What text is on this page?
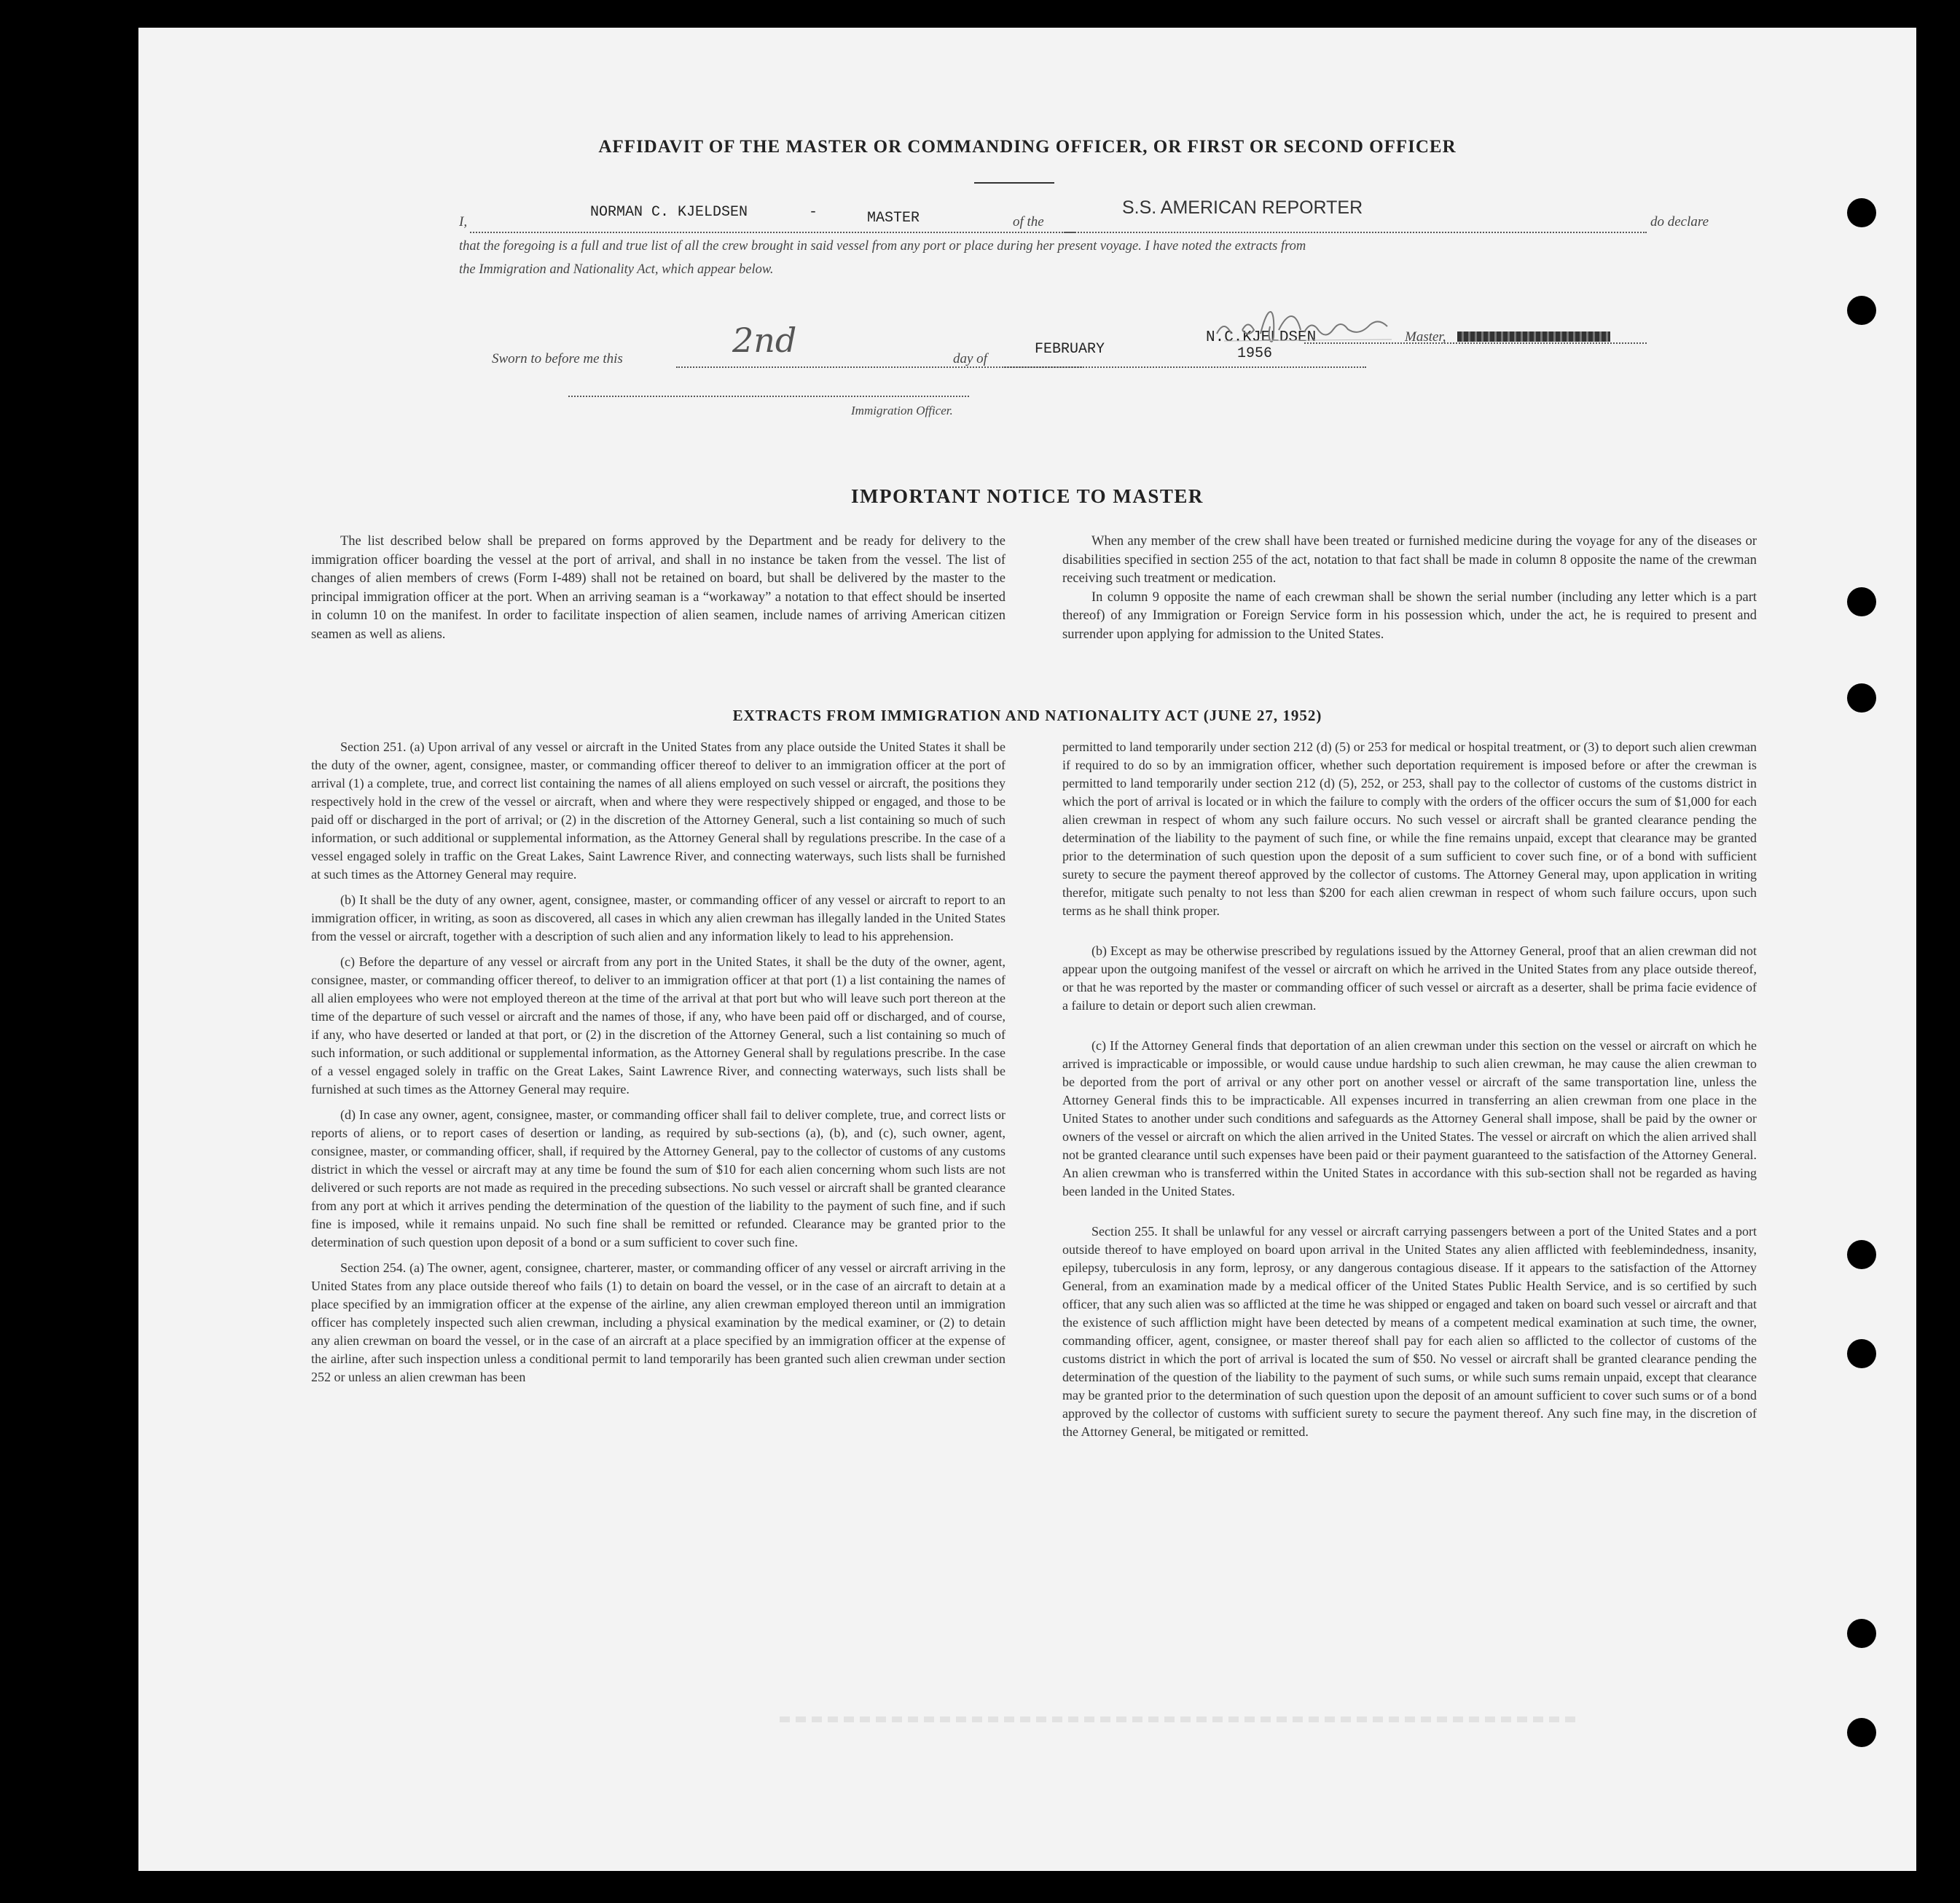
AFFIDAVIT OF THE MASTER OR COMMANDING OFFICER, OR FIRST OR SECOND OFFICER
I,
NORMAN C. KJELDSEN	-	MASTER	of the
S.S. AMERICAN REPORTER
do declare
that the foregoing is a full and true list of all the crew brought in said vessel from any port or place during her present voyage. I have noted the extracts from
the Immigration and Nationality Act, which appear below.
Sworn to before me this	2nd	day of
FEBRUARY
N.C.KJELDSEN
1956
Master,
Immigration Officer.
IMPORTANT NOTICE TO MASTER

The list described below shall be prepared on forms approved by the Department and be ready for delivery to the immigration officer boarding the vessel at the port of arrival, and shall in no instance be taken from the vessel. The list of changes of alien members of crews (Form I-489) shall not be retained on board, but shall be delivered by the master to the principal immigration officer at the port. When an arriving seaman is a “workaway” a notation to that effect should be inserted in column 10 on the manifest. In order to facilitate inspection of alien seamen, include names of arriving American citizen seamen as well as aliens.

When any member of the crew shall have been treated or furnished medicine during the voyage for any of the diseases or disabilities specified in section 255 of the act, notation to that fact shall be made in column 8 opposite the name of the crewman receiving such treatment or medication.

In column 9 opposite the name of each crewman shall be shown the serial number (including any letter which is a part thereof) of any Immigration or Foreign Service form in his possession which, under the act, he is required to present and surrender upon applying for admission to the United States.

EXTRACTS FROM IMMIGRATION AND NATIONALITY ACT (JUNE 27, 1952)

Section 251. (a) Upon arrival of any vessel or aircraft in the United States from any place outside the United States it shall be the duty of the owner, agent, consignee, master, or commanding officer thereof to deliver to an immigration officer at the port of arrival (1) a complete, true, and correct list containing the names of all aliens employed on such vessel or aircraft, the positions they respectively hold in the crew of the vessel or aircraft, when and where they were respectively shipped or engaged, and those to be paid off or discharged in the port of arrival; or (2) in the discretion of the Attorney General, such a list containing so much of such information, or such additional or supplemental information, as the Attorney General shall by regulations prescribe. In the case of a vessel engaged solely in traffic on the Great Lakes, Saint Lawrence River, and connecting waterways, such lists shall be furnished at such times as the Attorney General may require.

(b) It shall be the duty of any owner, agent, consignee, master, or commanding officer of any vessel or aircraft to report to an immigration officer, in writing, as soon as discovered, all cases in which any alien crewman has illegally landed in the United States from the vessel or aircraft, together with a description of such alien and any information likely to lead to his apprehension.

(c) Before the departure of any vessel or aircraft from any port in the United States, it shall be the duty of the owner, agent, consignee, master, or commanding officer thereof, to deliver to an immigration officer at that port (1) a list containing the names of all alien employees who were not employed thereon at the time of the arrival at that port but who will leave such port thereon at the time of the departure of such vessel or aircraft and the names of those, if any, who have been paid off or discharged, and of course, if any, who have deserted or landed at that port, or (2) in the discretion of the Attorney General, such a list containing so much of such information, or such additional or supplemental information, as the Attorney General shall by regulations prescribe. In the case of a vessel engaged solely in traffic on the Great Lakes, Saint Lawrence River, and connecting waterways, such lists shall be furnished at such times as the Attorney General may require.

(d) In case any owner, agent, consignee, master, or commanding officer shall fail to deliver complete, true, and correct lists or reports of aliens, or to report cases of desertion or landing, as required by sub-sections (a), (b), and (c), such owner, agent, consignee, master, or commanding officer, shall, if required by the Attorney General, pay to the collector of customs of any customs district in which the vessel or aircraft may at any time be found the sum of $10 for each alien concerning whom such lists are not delivered or such reports are not made as required in the preceding subsections. No such vessel or aircraft shall be granted clearance from any port at which it arrives pending the determination of the question of the liability to the payment of such fine, and if such fine is imposed, while it remains unpaid. No such fine shall be remitted or refunded. Clearance may be granted prior to the determination of such question upon deposit of a bond or a sum sufficient to cover such fine.

Section 254. (a) The owner, agent, consignee, charterer, master, or commanding officer of any vessel or aircraft arriving in the United States from any place outside thereof who fails (1) to detain on board the vessel, or in the case of an aircraft to detain at a place specified by an immigration officer at the expense of the airline, any alien crewman employed thereon until an immigration officer has completely inspected such alien crewman, including a physical examination by the medical examiner, or (2) to detain any alien crewman on board the vessel, or in the case of an aircraft at a place specified by an immigration officer at the expense of the airline, after such inspection unless a conditional permit to land temporarily has been granted such alien crewman under section 252 or unless an alien crewman has been

permitted to land temporarily under section 212 (d) (5) or 253 for medical or hospital treatment, or (3) to deport such alien crewman if required to do so by an immigration officer, whether such deportation requirement is imposed before or after the crewman is permitted to land temporarily under section 212 (d) (5), 252, or 253, shall pay to the collector of customs of the customs district in which the port of arrival is located or in which the failure to comply with the orders of the officer occurs the sum of $1,000 for each alien crewman in respect of whom any such failure occurs. No such vessel or aircraft shall be granted clearance pending the determination of the liability to the payment of such fine, or while the fine remains unpaid, except that clearance may be granted prior to the determination of such question upon the deposit of a sum sufficient to cover such fine, or of a bond with sufficient surety to secure the payment thereof approved by the collector of customs. The Attorney General may, upon application in writing therefor, mitigate such penalty to not less than $200 for each alien crewman in respect of whom such failure occurs, upon such terms as he shall think proper.

(b) Except as may be otherwise prescribed by regulations issued by the Attorney General, proof that an alien crewman did not appear upon the outgoing manifest of the vessel or aircraft on which he arrived in the United States from any place outside thereof, or that he was reported by the master or commanding officer of such vessel or aircraft as a deserter, shall be prima facie evidence of a failure to detain or deport such alien crewman.

(c) If the Attorney General finds that deportation of an alien crewman under this section on the vessel or aircraft on which he arrived is impracticable or impossible, or would cause undue hardship to such alien crewman, he may cause the alien crewman to be deported from the port of arrival or any other port on another vessel or aircraft of the same transportation line, unless the Attorney General finds this to be impracticable. All expenses incurred in transferring an alien crewman from one place in the United States to another under such conditions and safeguards as the Attorney General shall impose, shall be paid by the owner or owners of the vessel or aircraft on which the alien arrived in the United States. The vessel or aircraft on which the alien arrived shall not be granted clearance until such expenses have been paid or their payment guaranteed to the satisfaction of the Attorney General. An alien crewman who is transferred within the United States in accordance with this sub-section shall not be regarded as having been landed in the United States.

Section 255. It shall be unlawful for any vessel or aircraft carrying passengers between a port of the United States and a port outside thereof to have employed on board upon arrival in the United States any alien afflicted with feeblemindedness, insanity, epilepsy, tuberculosis in any form, leprosy, or any dangerous contagious disease. If it appears to the satisfaction of the Attorney General, from an examination made by a medical officer of the United States Public Health Service, and is so certified by such officer, that any such alien was so afflicted at the time he was shipped or engaged and taken on board such vessel or aircraft and that the existence of such affliction might have been detected by means of a competent medical examination at such time, the owner, commanding officer, agent, consignee, or master thereof shall pay for each alien so afflicted to the collector of customs of the customs district in which the port of arrival is located the sum of $50. No vessel or aircraft shall be granted clearance pending the determination of the question of the liability to the payment of such sums, or while such sums remain unpaid, except that clearance may be granted prior to the determination of such question upon the deposit of an amount sufficient to cover such sums or of a bond approved by the collector of customs with sufficient surety to secure the payment thereof. Any such fine may, in the discretion of the Attorney General, be mitigated or remitted.
